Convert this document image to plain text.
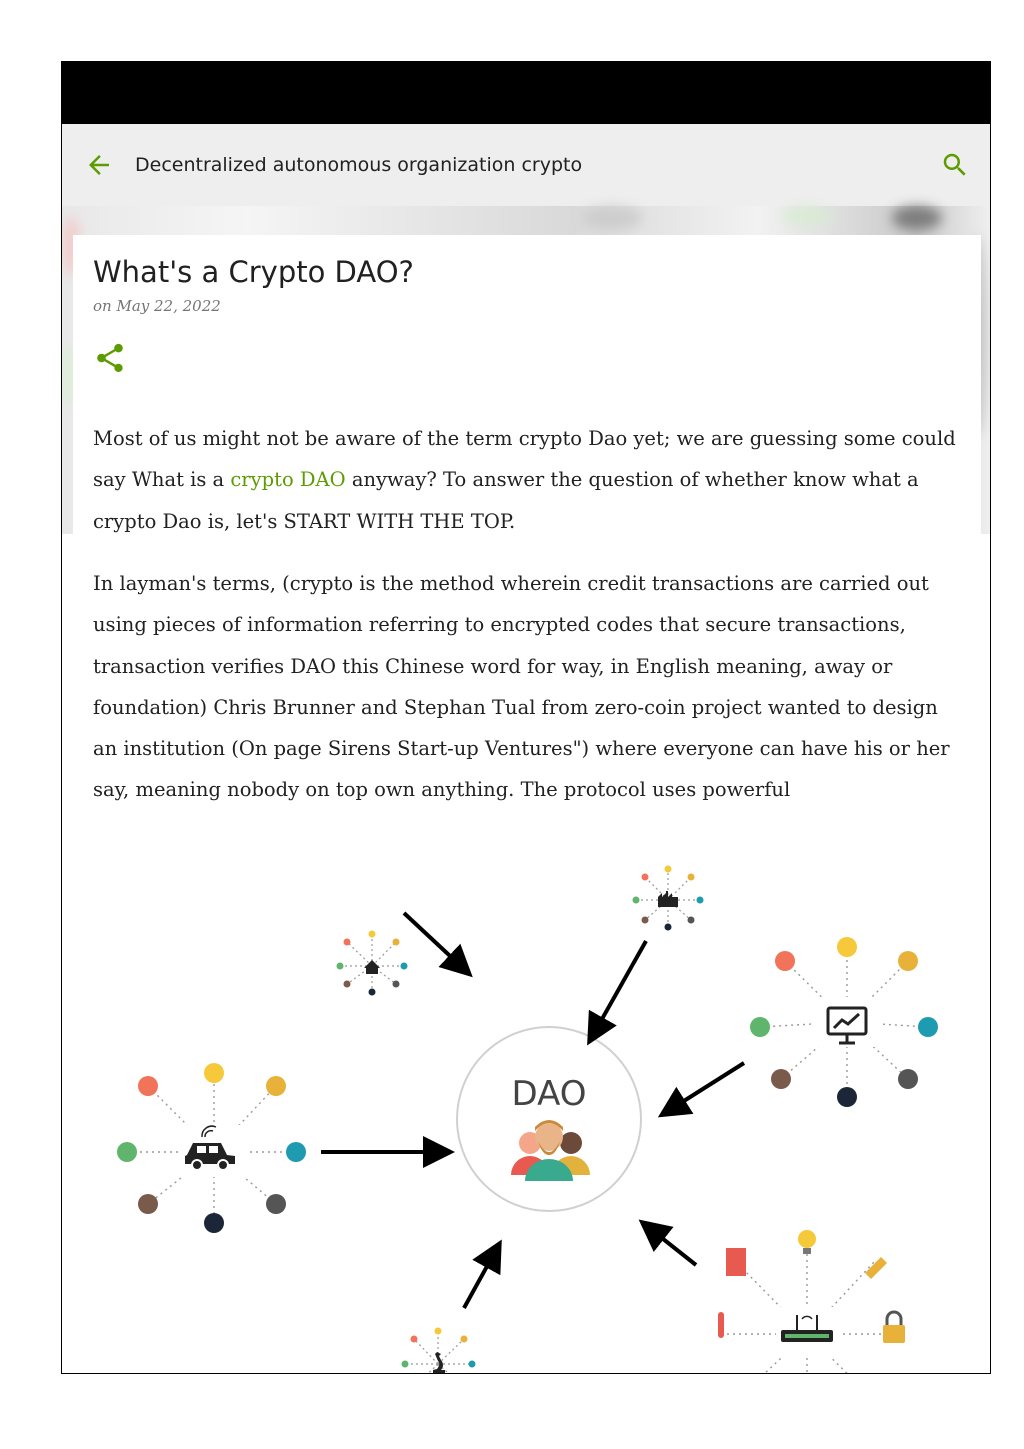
Decentralized autonomous organization crypto
What's a Crypto DAO?
on May 22, 2022

Most of us might not be aware of the term crypto Dao yet; we are guessing some could say What is a crypto DAO anyway? To answer the question of whether know what a crypto Dao is, let's START WITH THE TOP.

In layman's terms, (crypto is the method wherein credit transactions are carried out using pieces of information referring to encrypted codes that secure transactions, transaction verifies DAO this Chinese word for way, in English meaning, away or foundation) Chris Brunner and Stephan Tual from zero-coin project wanted to design an institution (On page Sirens Start-up Ventures") where everyone can have his or her say, meaning nobody on top own anything. The protocol uses powerful

DAO
